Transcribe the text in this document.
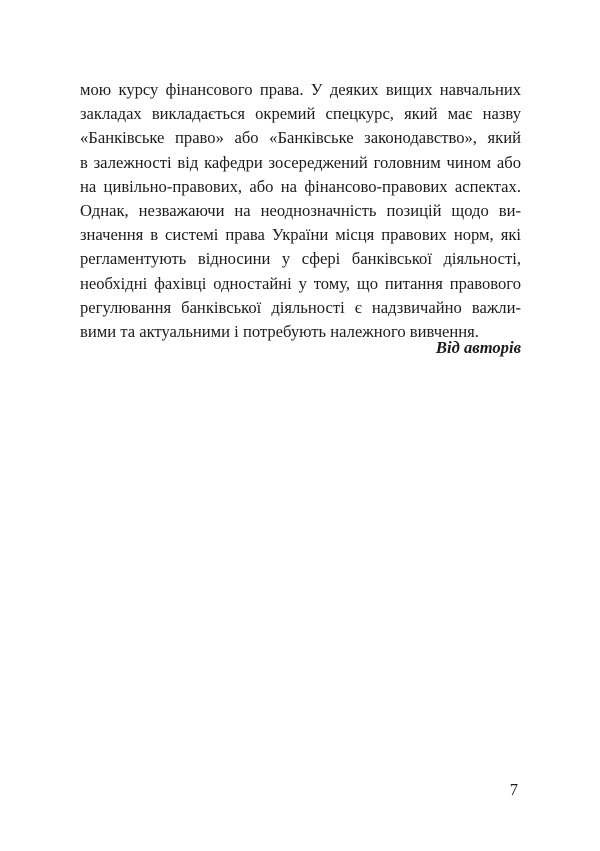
мою курсу фінансового права. У деяких вищих навчальних
закладах викладається окремий спецкурс, який має назву
«Банківське право» або «Банківське законодавство», який
в залежності від кафедри зосереджений головним чином або
на цивільно-правових, або на фінансово-правових аспектах.
Однак, незважаючи на неоднозначність позицій щодо ви-
значення в системі права України місця правових норм, які
регламентують відносини у сфері банківської діяльності,
необхідні фахівці одностайні у тому, що питання правового
регулювання банківської діяльності є надзвичайно важли-
вими та актуальними і потребують належного вивчення.
Від авторів
7
